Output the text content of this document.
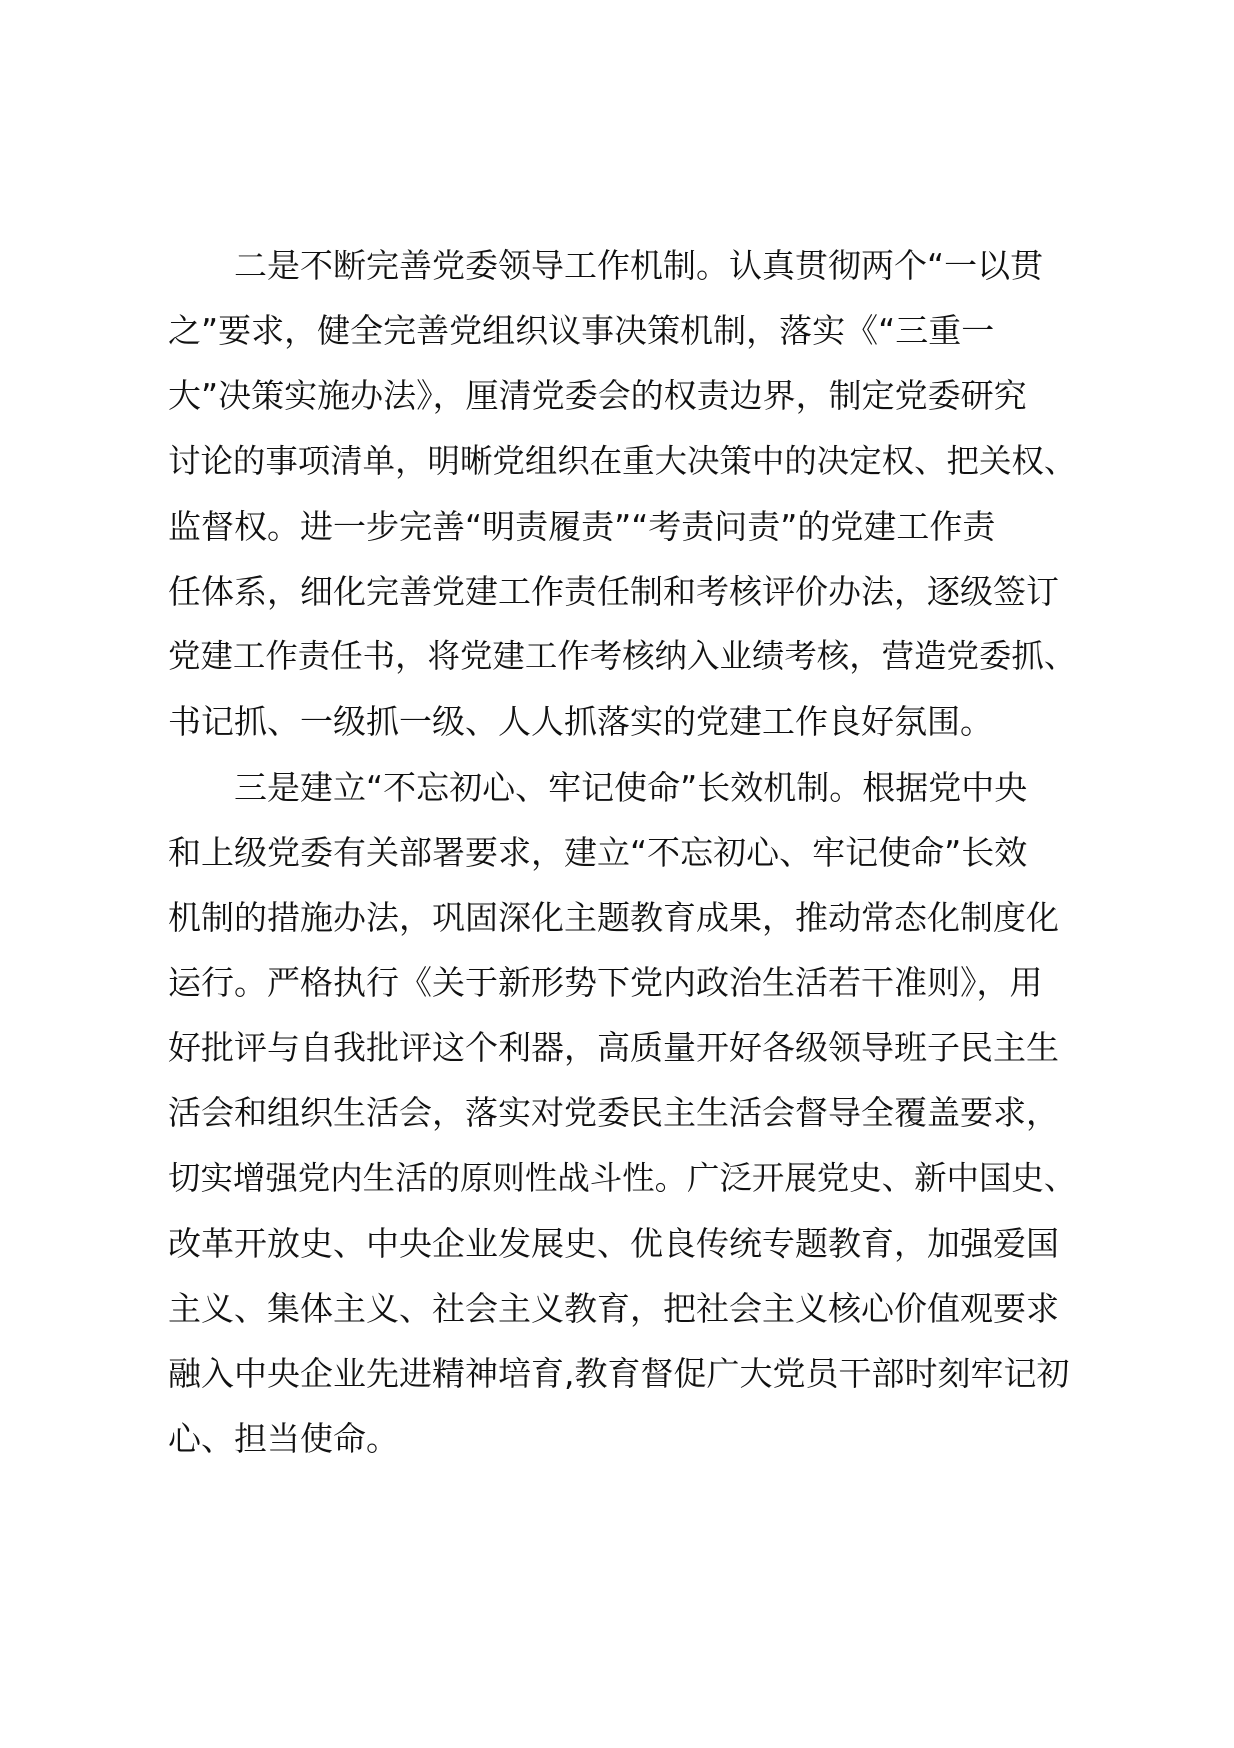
二是不断完善党委领导工作机制。认真贯彻两个“一以贯
之”要求，健全完善党组织议事决策机制，落实《“三重一
大”决策实施办法》，厘清党委会的权责边界，制定党委研究
讨论的事项清单，明晰党组织在重大决策中的决定权、把关权、
监督权。进一步完善“明责履责”“考责问责”的党建工作责
任体系，细化完善党建工作责任制和考核评价办法，逐级签订
党建工作责任书，将党建工作考核纳入业绩考核，营造党委抓、
书记抓、一级抓一级、人人抓落实的党建工作良好氛围。
三是建立“不忘初心、牢记使命”长效机制。根据党中央
和上级党委有关部署要求，建立“不忘初心、牢记使命”长效
机制的措施办法，巩固深化主题教育成果，推动常态化制度化
运行。严格执行《关于新形势下党内政治生活若干准则》，用
好批评与自我批评这个利器，高质量开好各级领导班子民主生
活会和组织生活会，落实对党委民主生活会督导全覆盖要求，
切实增强党内生活的原则性战斗性。广泛开展党史、新中国史、
改革开放史、中央企业发展史、优良传统专题教育，加强爱国
主义、集体主义、社会主义教育，把社会主义核心价值观要求
融入中央企业先进精神培育,教育督促广大党员干部时刻牢记初
心、担当使命。
